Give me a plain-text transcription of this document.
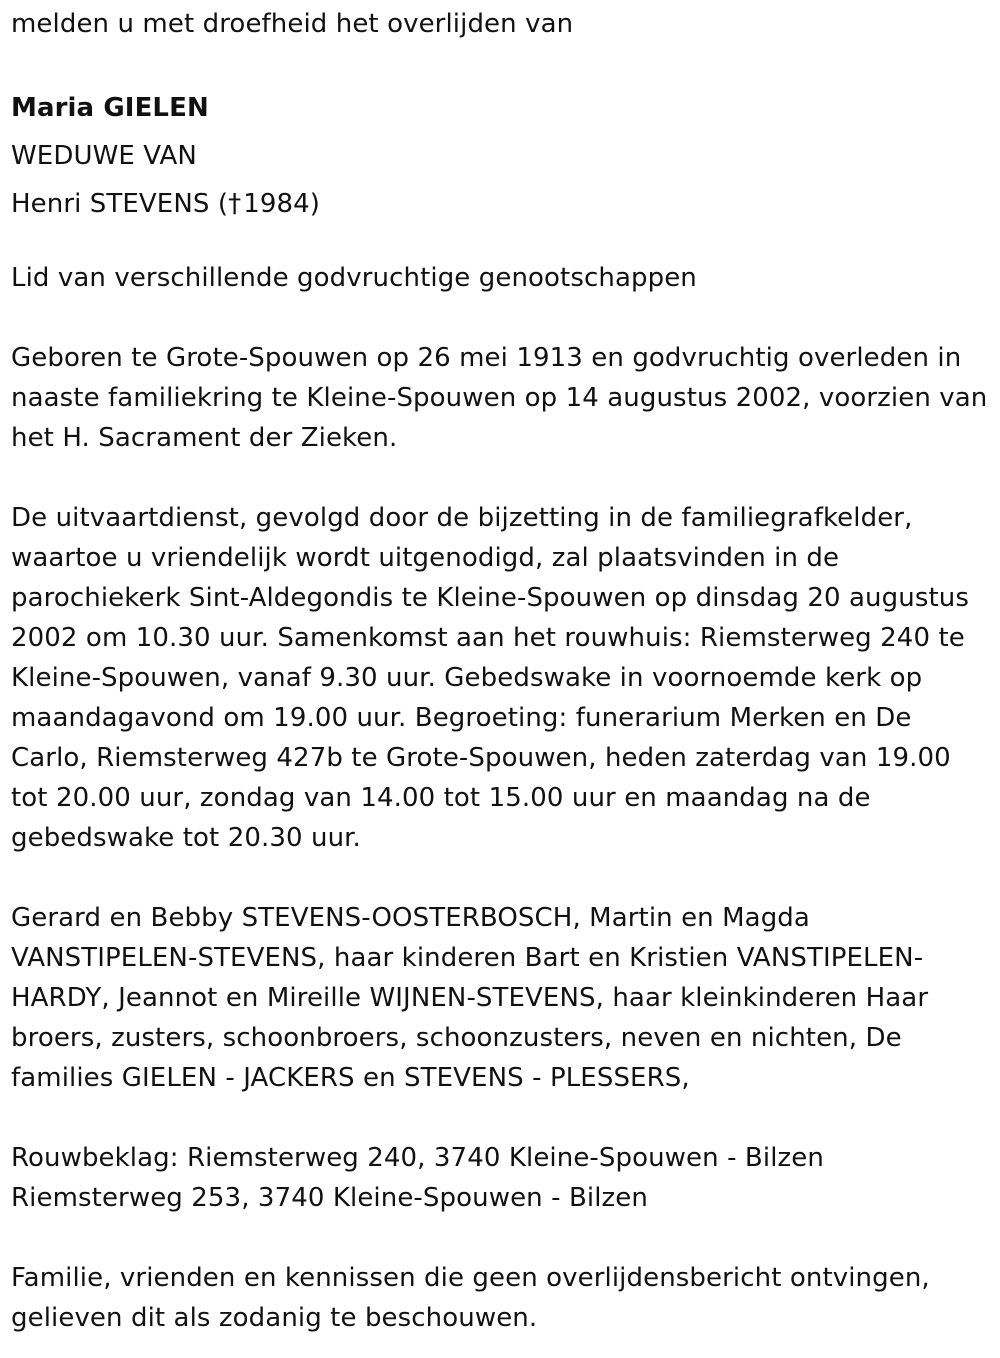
melden u met droefheid het overlijden van

Maria GIELEN

WEDUWE VAN

Henri STEVENS (†1984)

Lid van verschillende godvruchtige genootschappen

Geboren te Grote-Spouwen op 26 mei 1913 en godvruchtig overleden in naaste familiekring te Kleine-Spouwen op 14 augustus 2002, voorzien van het H. Sacrament der Zieken.

De uitvaartdienst, gevolgd door de bijzetting in de familiegrafkelder, waartoe u vriendelijk wordt uitgenodigd, zal plaatsvinden in de parochiekerk Sint-Aldegondis te Kleine-Spouwen op dinsdag 20 augustus 2002 om 10.30 uur. Samenkomst aan het rouwhuis: Riemsterweg 240 te Kleine-Spouwen, vanaf 9.30 uur. Gebedswake in voornoemde kerk op maandagavond om 19.00 uur. Begroeting: funerarium Merken en De Carlo, Riemsterweg 427b te Grote-Spouwen, heden zaterdag van 19.00 tot 20.00 uur, zondag van 14.00 tot 15.00 uur en maandag na de gebedswake tot 20.30 uur.

Gerard en Bebby STEVENS-OOSTERBOSCH, Martin en Magda VANSTIPELEN-STEVENS, haar kinderen Bart en Kristien VANSTIPELEN-HARDY, Jeannot en Mireille WIJNEN-STEVENS, haar kleinkinderen Haar broers, zusters, schoonbroers, schoonzusters, neven en nichten, De families GIELEN - JACKERS en STEVENS - PLESSERS,

Rouwbeklag: Riemsterweg 240, 3740 Kleine-Spouwen - Bilzen

Riemsterweg 253, 3740 Kleine-Spouwen - Bilzen

Familie, vrienden en kennissen die geen overlijdensbericht ontvingen, gelieven dit als zodanig te beschouwen.
